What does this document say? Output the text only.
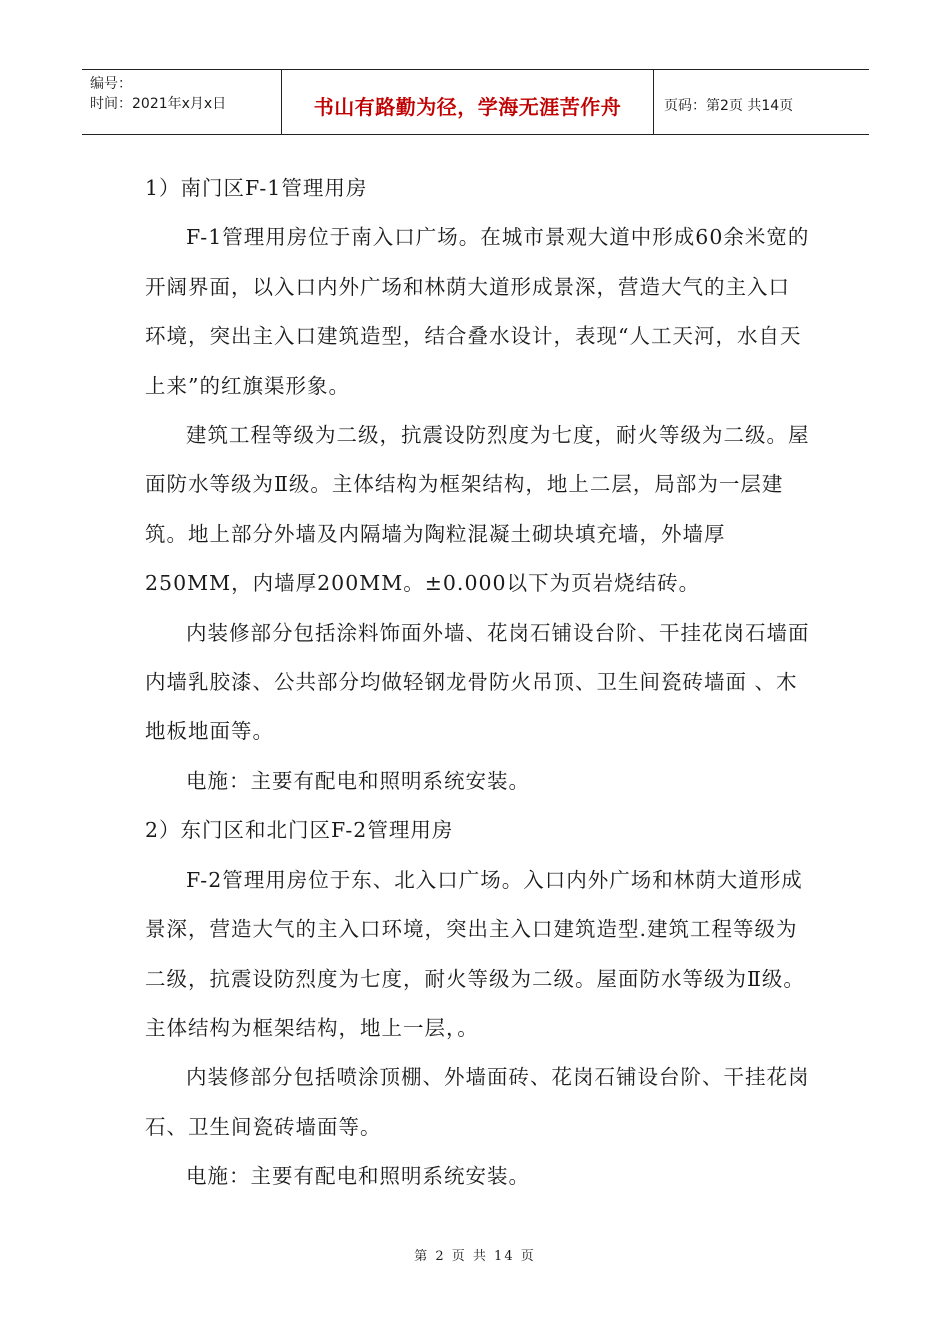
编号：
时间：2021年x月x日	书山有路勤为径，学海无涯苦作舟	页码：第2页 共14页

1）南门区F-1管理用房

F-1管理用房位于南入口广场。在城市景观大道中形成60余米宽的开阔界面，以入口内外广场和林荫大道形成景深，营造大气的主入口环境，突出主入口建筑造型，结合叠水设计，表现“人工天河，水自天上来”的红旗渠形象。

建筑工程等级为二级，抗震设防烈度为七度，耐火等级为二级。屋面防水等级为Ⅱ级。主体结构为框架结构，地上二层，局部为一层建筑。地上部分外墙及内隔墙为陶粒混凝土砌块填充墙，外墙厚250MM，内墙厚200MM。±0.000以下为页岩烧结砖。

内装修部分包括涂料饰面外墙、花岗石铺设台阶、干挂花岗石墙面内墙乳胶漆、公共部分均做轻钢龙骨防火吊顶、卫生间瓷砖墙面 、木地板地面等。

电施：主要有配电和照明系统安装。

2）东门区和北门区F-2管理用房

F-2管理用房位于东、北入口广场。入口内外广场和林荫大道形成景深，营造大气的主入口环境，突出主入口建筑造型.建筑工程等级为二级，抗震设防烈度为七度，耐火等级为二级。屋面防水等级为Ⅱ级。主体结构为框架结构，地上一层，。

内装修部分包括喷涂顶棚、外墙面砖、花岗石铺设台阶、干挂花岗石、卫生间瓷砖墙面等。

电施：主要有配电和照明系统安装。

第 2 页 共 14 页
